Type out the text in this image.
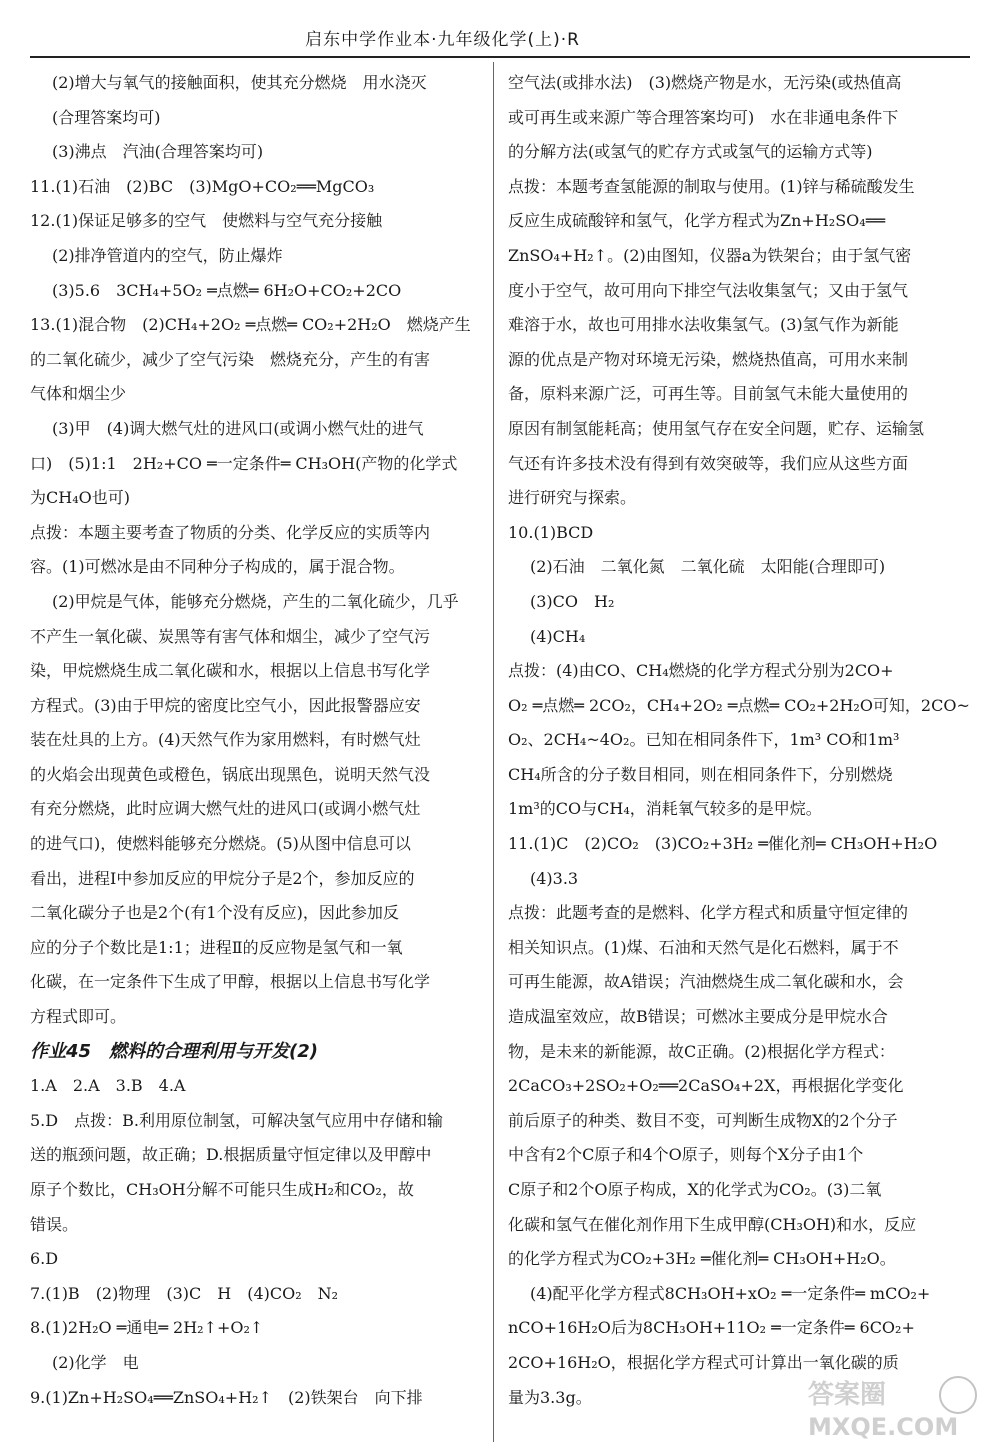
启东中学作业本·九年级化学(上)·R
(2)增大与氧气的接触面积，使其充分燃烧　用水浇灭
(合理答案均可)
(3)沸点　汽油(合理答案均可)
11.(1)石油　(2)BC　(3)MgO+CO₂══MgCO₃
12.(1)保证足够多的空气　使燃料与空气充分接触
(2)排净管道内的空气，防止爆炸
(3)5.6　3CH₄+5O₂ ═点燃═ 6H₂O+CO₂+2CO
13.(1)混合物　(2)CH₄+2O₂ ═点燃═ CO₂+2H₂O　燃烧产生
的二氧化硫少，减少了空气污染　燃烧充分，产生的有害
气体和烟尘少
(3)甲　(4)调大燃气灶的进风口(或调小燃气灶的进气
口)　(5)1:1　2H₂+CO ═一定条件═ CH₃OH(产物的化学式
为CH₄O也可)
点拨：本题主要考查了物质的分类、化学反应的实质等内
容。(1)可燃冰是由不同种分子构成的，属于混合物。
(2)甲烷是气体，能够充分燃烧，产生的二氧化硫少，几乎
不产生一氧化碳、炭黑等有害气体和烟尘，减少了空气污
染，甲烷燃烧生成二氧化碳和水，根据以上信息书写化学
方程式。(3)由于甲烷的密度比空气小，因此报警器应安
装在灶具的上方。(4)天然气作为家用燃料，有时燃气灶
的火焰会出现黄色或橙色，锅底出现黑色，说明天然气没
有充分燃烧，此时应调大燃气灶的进风口(或调小燃气灶
的进气口)，使燃料能够充分燃烧。(5)从图中信息可以
看出，进程Ⅰ中参加反应的甲烷分子是2个，参加反应的
二氧化碳分子也是2个(有1个没有反应)，因此参加反
应的分子个数比是1:1；进程Ⅱ的反应物是氢气和一氧
化碳，在一定条件下生成了甲醇，根据以上信息书写化学
方程式即可。
作业45　燃料的合理利用与开发(2)
1.A　2.A　3.B　4.A
5.D　点拨：B.利用原位制氢，可解决氢气应用中存储和输
送的瓶颈问题，故正确；D.根据质量守恒定律以及甲醇中
原子个数比，CH₃OH分解不可能只生成H₂和CO₂，故
错误。
6.D
7.(1)B　(2)物理　(3)C　H　(4)CO₂　N₂
8.(1)2H₂O ═通电═ 2H₂↑+O₂↑
(2)化学　电
9.(1)Zn+H₂SO₄══ZnSO₄+H₂↑　(2)铁架台　向下排
空气法(或排水法)　(3)燃烧产物是水，无污染(或热值高
或可再生或来源广等合理答案均可)　水在非通电条件下
的分解方法(或氢气的贮存方式或氢气的运输方式等)
点拨：本题考查氢能源的制取与使用。(1)锌与稀硫酸发生
反应生成硫酸锌和氢气，化学方程式为Zn+H₂SO₄══
ZnSO₄+H₂↑。(2)由图知，仪器a为铁架台；由于氢气密
度小于空气，故可用向下排空气法收集氢气；又由于氢气
难溶于水，故也可用排水法收集氢气。(3)氢气作为新能
源的优点是产物对环境无污染，燃烧热值高，可用水来制
备，原料来源广泛，可再生等。目前氢气未能大量使用的
原因有制氢能耗高；使用氢气存在安全问题，贮存、运输氢
气还有许多技术没有得到有效突破等，我们应从这些方面
进行研究与探索。
10.(1)BCD
(2)石油　二氧化氮　二氧化硫　太阳能(合理即可)
(3)CO　H₂
(4)CH₄
点拨：(4)由CO、CH₄燃烧的化学方程式分别为2CO+
O₂ ═点燃═ 2CO₂，CH₄+2O₂ ═点燃═ CO₂+2H₂O可知，2CO~
O₂、2CH₄~4O₂。已知在相同条件下，1m³ CO和1m³
CH₄所含的分子数目相同，则在相同条件下，分别燃烧
1m³的CO与CH₄，消耗氧气较多的是甲烷。
11.(1)C　(2)CO₂　(3)CO₂+3H₂ ═催化剂═ CH₃OH+H₂O
(4)3.3
点拨：此题考查的是燃料、化学方程式和质量守恒定律的
相关知识点。(1)煤、石油和天然气是化石燃料，属于不
可再生能源，故A错误；汽油燃烧生成二氧化碳和水，会
造成温室效应，故B错误；可燃冰主要成分是甲烷水合
物，是未来的新能源，故C正确。(2)根据化学方程式：
2CaCO₃+2SO₂+O₂══2CaSO₄+2X，再根据化学变化
前后原子的种类、数目不变，可判断生成物X的2个分子
中含有2个C原子和4个O原子，则每个X分子由1个
C原子和2个O原子构成，X的化学式为CO₂。(3)二氧
化碳和氢气在催化剂作用下生成甲醇(CH₃OH)和水，反应
的化学方程式为CO₂+3H₂ ═催化剂═ CH₃OH+H₂O。
(4)配平化学方程式8CH₃OH+xO₂ ═一定条件═ mCO₂+
nCO+16H₂O后为8CH₃OH+11O₂ ═一定条件═ 6CO₂+
2CO+16H₂O，根据化学方程式可计算出一氧化碳的质
量为3.3g。	答案圈
MXQE.COM
